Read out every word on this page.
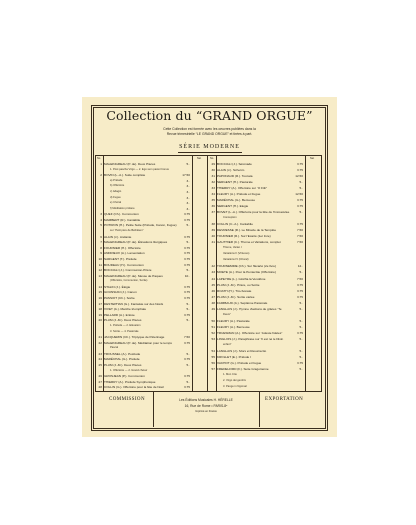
Collection du “GRAND ORGUE”
Cette Collection est formée avec les oeuvres publiées dans la
Revue trimestrielle “LE GRAND ORGUE” et tirées à part.
SÉRIE MODERNE
No	Net	No	Net
1 MALEINGREAU (P. de). Deux Pièces	5..
1. Post pascha Virgo — 2. Ego sum pastor bonus
2 BOVIN (L.-A.). Suite complète	17.50
a) Prélude	3..
b) Offertoire	3..
c) Adagio	3..
d) Fugue	3..
e) Choral	3..
f) Méditation profane	3..
3 QUEF (Ch.). Communion	3.75
4 MAMBERT (R.). Cantabile	3.75
5 POTIRON (H.). Petite Suite (Prélude, Canon, Fugue)	5..
sur “Petit père de Bethléem”
6 ALAIN (J.). Andante	3.75
7 MALEINGREAU (P. de). Élévations liturgiques	5..
8 FOURNIER (H.). Offertoire	3.75
9 ANDRIEUX (A.). Lamentation	3.75
10 SARGENT (T.). Prélude	3.75
11 BOUDEAU (H.). Communion	3.75
12 BOCCIALI (J.). Communion-Prière	5..
13 MALEINGREAU (P. de). Messe de Paques	10..
(Offertoire, Communion, Sortie)
14 STALIN (J.). Élégie	3.75
15 GOUNSIAN (J.). Canon	3.75
16 PASSIOT (Ch.). Sortie	3.75
17 DESTEPHAN (G.). Fantaisie sur des Noëls	5..
18 VIVET (A.). Marche triomphale	5..
19 PELLARD (A.). Entrée	3.75
20 PLUM (J.-M.). Deux Pièces	5..
1. Prélude — 2. Élévation
3. Sortie — 4. Pastorale
21 JACQUEMIN (Ch.). Triptyque de Pèlerinage	7.50
22 MALEINGREAU (P. de). Méditation pour le temps	3.75
Pascal
23 TROUSSEL (A.). Postlude	5..
24 MARÉCHAL (G.). Prélude	3.75
25 PLUM (J.-M.). Deux Pièces	5..
1. Offertoire — 2. Grand chœur
26 GROSJEAN (P.). Communion	3.75
27 THIERRY (A.). Prélude Symphonique	5..
28 COLLIN (G.). Offertoire pour la fête de Noël	3.75
29 BOCCIALI (J.). Sérénade	3.75
30 ALAIN (J.). Scherzo	3.75
31 PAPONAUD (R.). Toccata	12.50
32 SERGENT (H.). Pastorale	5..
33 THIERRY (A.). Offertoire sur “O Filii”	5..
34 FLEURY (A.). Prélude et Fugue	12.50
35 MARÉCHAL (G.). Berceuse	3.75
36 SERGENT (H.). Elegie	3.75
37 BOVET (L.-A.). Offertoire pour la fête de l'Immaculée	5..
Conception
38 COLLIN (C.-A.). Cantabile	3.75
39 DEVRESSE (R.). Le Miracle de la Tempête	7.50
40 TOURNIER (R.). Sur l'Ecarté (1er livre)	7.50
41 GAUTHIER (C.). Thème et Variations, complet	7.50
Thème, Variat. I
Variations II (Virtuoso)
Variations IV (Choral)
42 TOURNEMIRE (Ch.). Sur l'Ecarté (2e livre)	12..
43 MOETE (A.). Pour la Pentecôte (Offertoire)	5..
44 LAPEYRE (L.). Glorifia la Vendôme	7.50
45 PLUM (J.-M.). Prière, ou Sortie	3.75
46 ROATH (H.). Trio-Sonate	3.75
47 PLUM (J.-M.). Sortie variée	3.75
48 FAIMBAUD (A.). Septième Pastorale	5..
49 LANGLAIS (J.). Hymne d'actions de grâces “Te	5..
Deum”
50 FLEURY (A.). Pastorale	5..
51 FLEURY (A.). Berceuse	5..
52 TRUESMAN (A.). Offertoire sur “Adeste fideles”	3.75
53 LINGLOIS (J.). Paraphrase sur “Il est né le Divin	5..
enfant”
54 LANGLAIS (J.). Mors et Resurrectio	5..
55 KROLLET (E.). Prélude I	5..
56 VACHOT (G.). Prélude et Fugue	3.75
57 FREDELFIRD (F.). Suite Grégorienne	5..
1. Mon Crie
2. Virgo dei genitrix
3. Pange in Ngronal
COMMISSION	EXPORTATION
Les Éditions Musicales H. HÉRELLE
16, Rue de Rome • PARIS-8ᵉ
Imprimé en France
